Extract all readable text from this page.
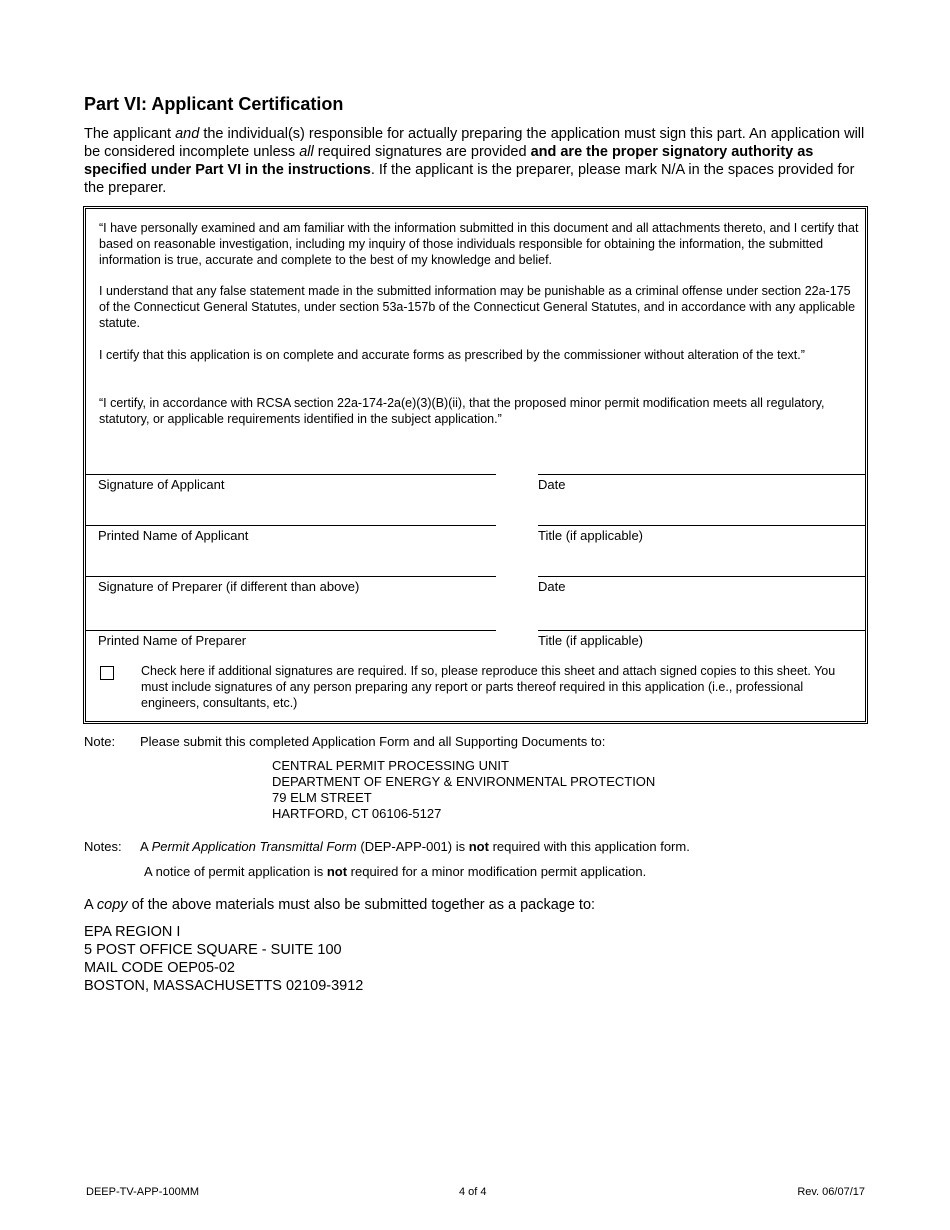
Part VI: Applicant Certification

The applicant and the individual(s) responsible for actually preparing the application must sign this part. An application will be considered incomplete unless all required signatures are provided and are the proper signatory authority as specified under Part VI in the instructions. If the applicant is the preparer, please mark N/A in the spaces provided for the preparer.

“I have personally examined and am familiar with the information submitted in this document and all attachments thereto, and I certify that based on reasonable investigation, including my inquiry of those individuals responsible for obtaining the information, the submitted information is true, accurate and complete to the best of my knowledge and belief.

I understand that any false statement made in the submitted information may be punishable as a criminal offense under section 22a-175 of the Connecticut General Statutes, under section 53a-157b of the Connecticut General Statutes, and in accordance with any applicable statute.

I certify that this application is on complete and accurate forms as prescribed by the commissioner without alteration of the text.”

“I certify, in accordance with RCSA section 22a-174-2a(e)(3)(B)(ii), that the proposed minor permit modification meets all regulatory, statutory, or applicable requirements identified in the subject application.”

Signature of Applicant	Date
Printed Name of Applicant	Title (if applicable)
Signature of Preparer (if different than above)	Date
Printed Name of Preparer	Title (if applicable)

Check here if additional signatures are required. If so, please reproduce this sheet and attach signed copies to this sheet. You must include signatures of any person preparing any report or parts thereof required in this application (i.e., professional engineers, consultants, etc.)

Note: Please submit this completed Application Form and all Supporting Documents to:
CENTRAL PERMIT PROCESSING UNIT
DEPARTMENT OF ENERGY & ENVIRONMENTAL PROTECTION
79 ELM STREET
HARTFORD, CT 06106-5127
Notes: A Permit Application Transmittal Form (DEP-APP-001) is not required with this application form.
A notice of permit application is not required for a minor modification permit application.
A copy of the above materials must also be submitted together as a package to:
EPA REGION I
5 POST OFFICE SQUARE - SUITE 100
MAIL CODE OEP05-02
BOSTON, MASSACHUSETTS 02109-3912
DEEP-TV-APP-100MM	4 of 4	Rev. 06/07/17
